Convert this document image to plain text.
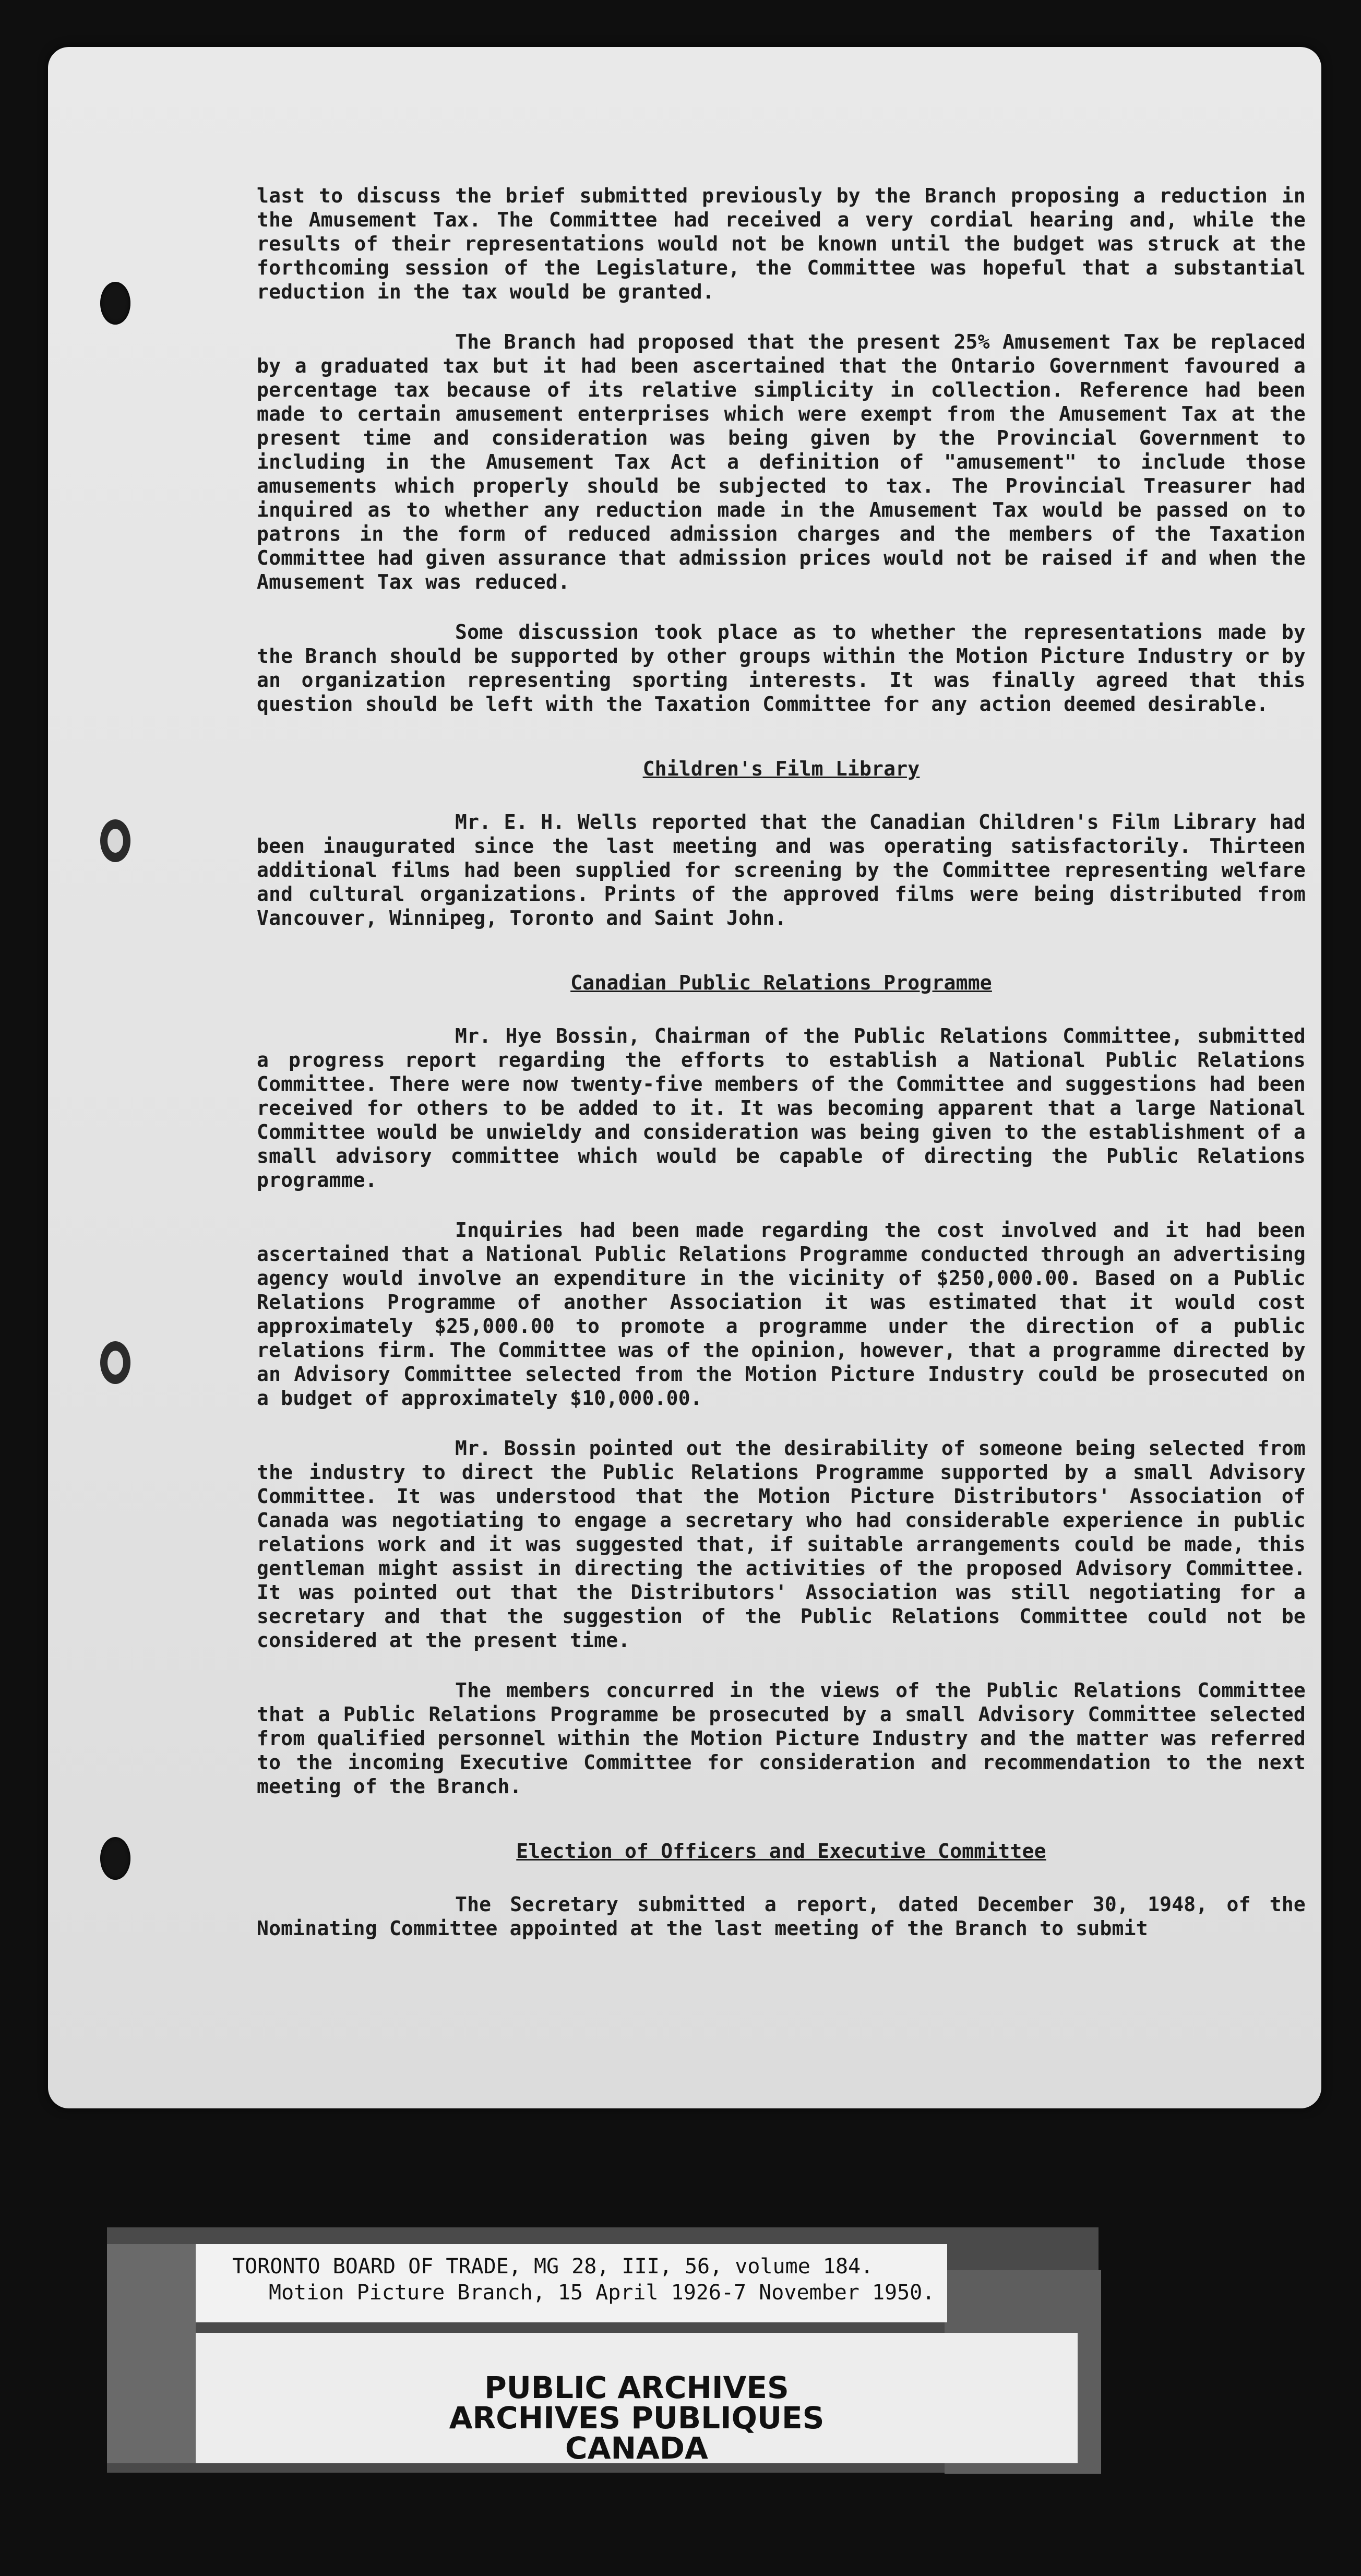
last to discuss the brief submitted previously by the Branch proposing a reduction in the Amusement Tax. The Committee had received a very cordial hearing and, while the results of their representations would not be known until the budget was struck at the forthcoming session of the Legislature, the Committee was hopeful that a substantial reduction in the tax would be granted.

The Branch had proposed that the present 25% Amusement Tax be replaced by a graduated tax but it had been ascertained that the Ontario Government favoured a percentage tax because of its relative simplicity in collection. Reference had been made to certain amusement enterprises which were exempt from the Amusement Tax at the present time and consideration was being given by the Provincial Government to including in the Amusement Tax Act a definition of "amusement" to include those amusements which properly should be subjected to tax. The Provincial Treasurer had inquired as to whether any reduction made in the Amusement Tax would be passed on to patrons in the form of reduced admission charges and the members of the Taxation Committee had given assurance that admission prices would not be raised if and when the Amusement Tax was reduced.

Some discussion took place as to whether the representations made by the Branch should be supported by other groups within the Motion Picture Industry or by an organization representing sporting interests. It was finally agreed that this question should be left with the Taxation Committee for any action deemed desirable.

Children's Film Library

Mr. E. H. Wells reported that the Canadian Children's Film Library had been inaugurated since the last meeting and was operating satisfactorily. Thirteen additional films had been supplied for screening by the Committee representing welfare and cultural organizations. Prints of the approved films were being distributed from Vancouver, Winnipeg, Toronto and Saint John.

Canadian Public Relations Programme

Mr. Hye Bossin, Chairman of the Public Relations Committee, submitted a progress report regarding the efforts to establish a National Public Relations Committee. There were now twenty-five members of the Committee and suggestions had been received for others to be added to it. It was becoming apparent that a large National Committee would be unwieldy and consideration was being given to the establishment of a small advisory committee which would be capable of directing the Public Relations programme.

Inquiries had been made regarding the cost involved and it had been ascertained that a National Public Relations Programme conducted through an advertising agency would involve an expenditure in the vicinity of $250,000.00. Based on a Public Relations Programme of another Association it was estimated that it would cost approximately $25,000.00 to promote a programme under the direction of a public relations firm. The Committee was of the opinion, however, that a programme directed by an Advisory Committee selected from the Motion Picture Industry could be prosecuted on a budget of approximately $10,000.00.

Mr. Bossin pointed out the desirability of someone being selected from the industry to direct the Public Relations Programme supported by a small Advisory Committee. It was understood that the Motion Picture Distributors' Association of Canada was negotiating to engage a secretary who had considerable experience in public relations work and it was suggested that, if suitable arrangements could be made, this gentleman might assist in directing the activities of the proposed Advisory Committee. It was pointed out that the Distributors' Association was still negotiating for a secretary and that the suggestion of the Public Relations Committee could not be considered at the present time.

The members concurred in the views of the Public Relations Committee that a Public Relations Programme be prosecuted by a small Advisory Committee selected from qualified personnel within the Motion Picture Industry and the matter was referred to the incoming Executive Committee for consideration and recommendation to the next meeting of the Branch.

Election of Officers and Executive Committee

The Secretary submitted a report, dated December 30, 1948, of the Nominating Committee appointed at the last meeting of the Branch to submit

TORONTO BOARD OF TRADE, MG 28, III, 56, volume 184.
Motion Picture Branch, 15 April 1926-7 November 1950.
PUBLIC ARCHIVES
ARCHIVES PUBLIQUES
CANADA
